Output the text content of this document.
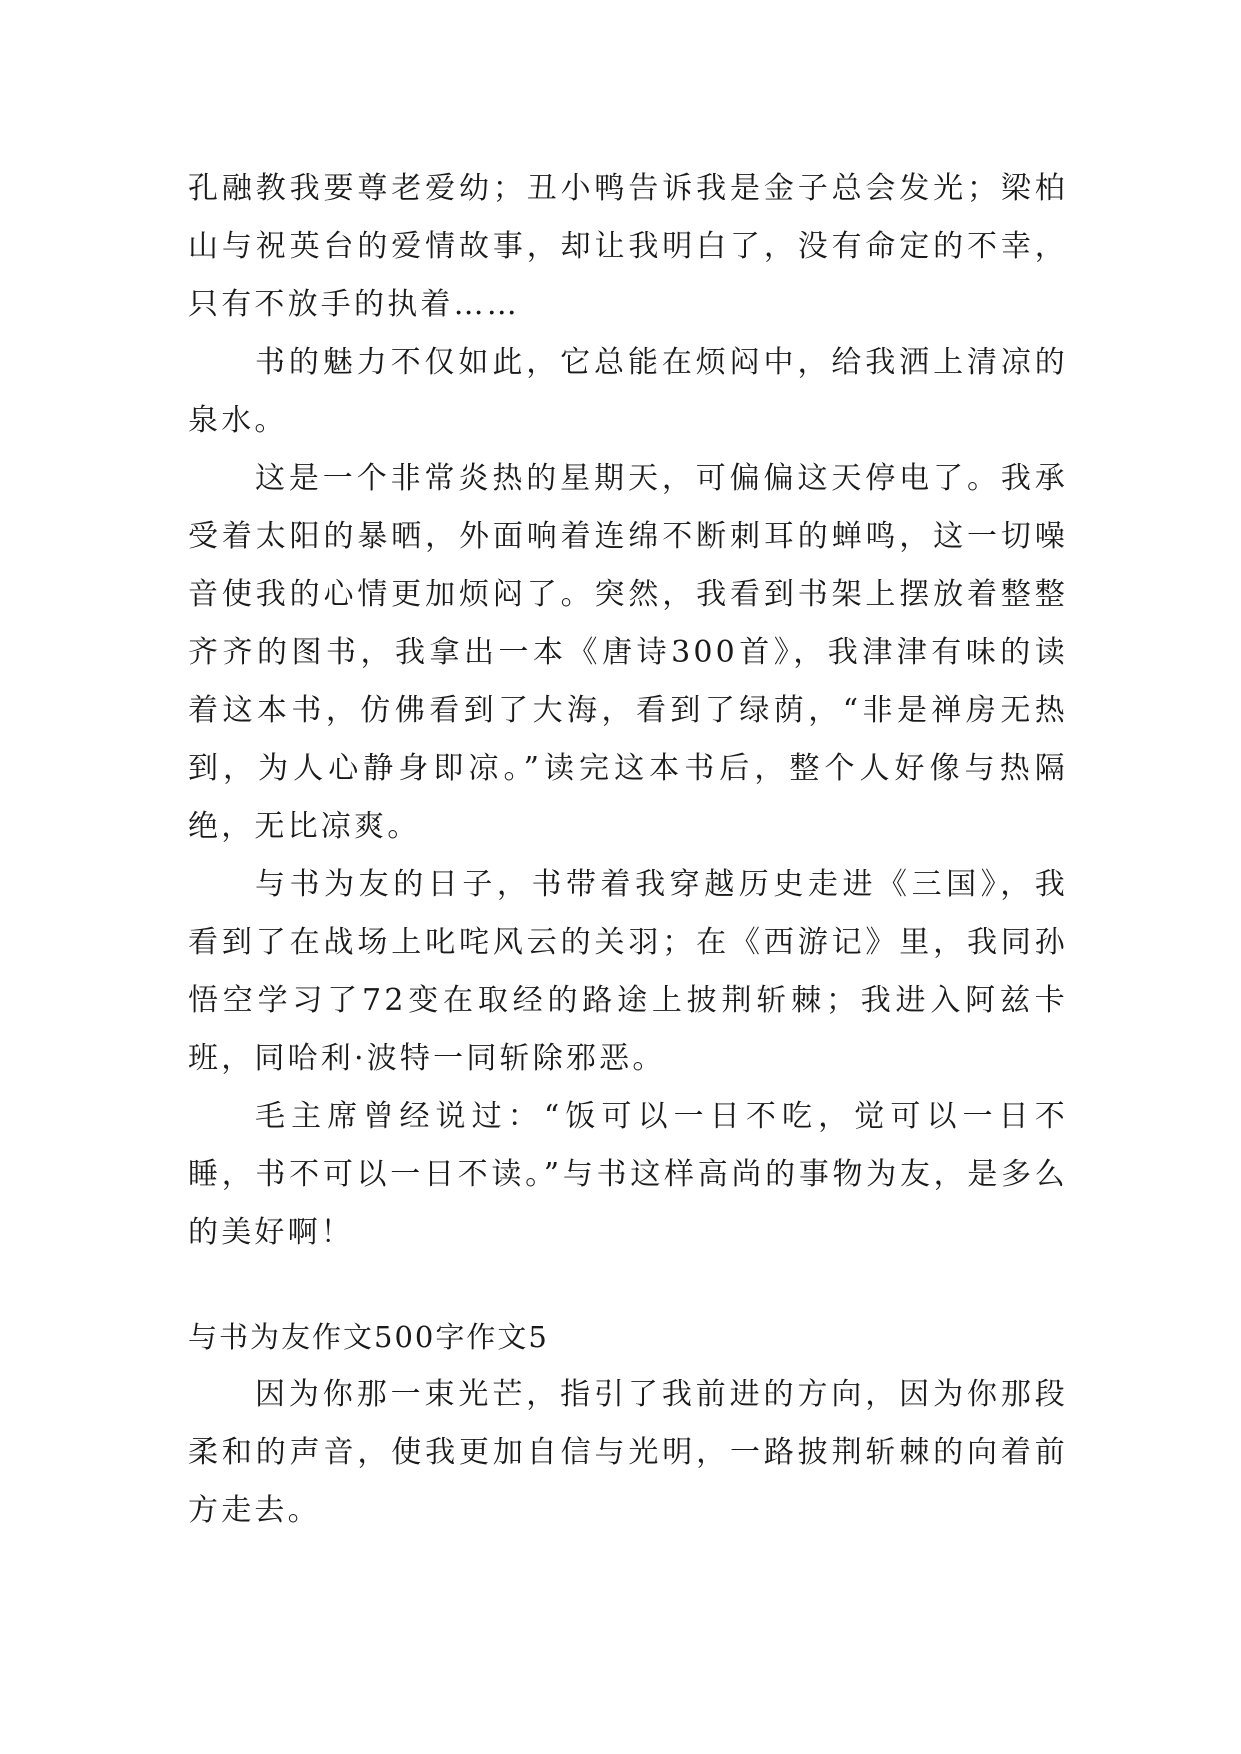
孔融教我要尊老爱幼；丑小鸭告诉我是金子总会发光；梁柏山与祝英台的爱情故事，却让我明白了，没有命定的不幸，只有不放手的执着……

书的魅力不仅如此，它总能在烦闷中，给我洒上清凉的泉水。

这是一个非常炎热的星期天，可偏偏这天停电了。我承受着太阳的暴晒，外面响着连绵不断刺耳的蝉鸣，这一切噪音使我的心情更加烦闷了。突然，我看到书架上摆放着整整齐齐的图书，我拿出一本《唐诗300首》，我津津有味的读着这本书，仿佛看到了大海，看到了绿荫，“非是禅房无热到，为人心静身即凉。”读完这本书后，整个人好像与热隔绝，无比凉爽。

与书为友的日子，书带着我穿越历史走进《三国》，我看到了在战场上叱咤风云的关羽；在《西游记》里，我同孙悟空学习了72变在取经的路途上披荆斩棘；我进入阿兹卡班，同哈利·波特一同斩除邪恶。

毛主席曾经说过：“饭可以一日不吃，觉可以一日不睡，书不可以一日不读。”与书这样高尚的事物为友，是多么的美好啊！

与书为友作文500字作文5

因为你那一束光芒，指引了我前进的方向，因为你那段柔和的声音，使我更加自信与光明，一路披荆斩棘的向着前方走去。
